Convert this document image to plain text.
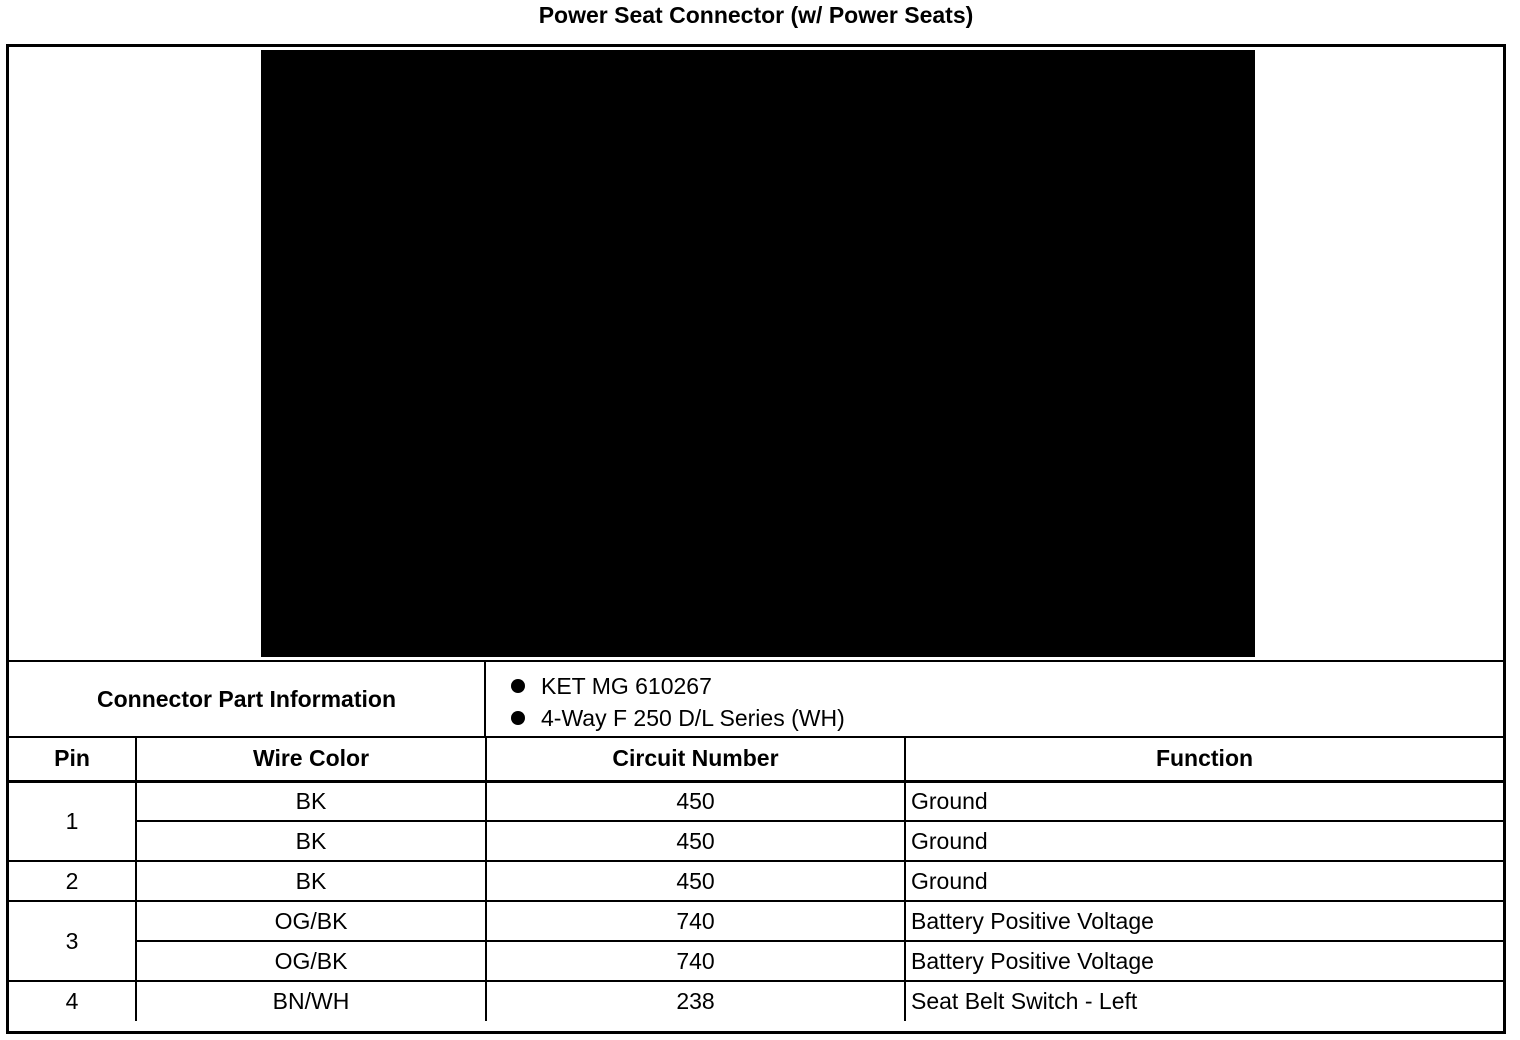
Power Seat Connector (w/ Power Seats)
Connector Part Information	KET MG 610267
4-Way F 250 D/L Series (WH)
Pin	Wire Color	Circuit Number	Function
1	BK	450	Ground
	BK	450	Ground
2	BK	450	Ground
3	OG/BK	740	Battery Positive Voltage
	OG/BK	740	Battery Positive Voltage
4	BN/WH	238	Seat Belt Switch - Left
